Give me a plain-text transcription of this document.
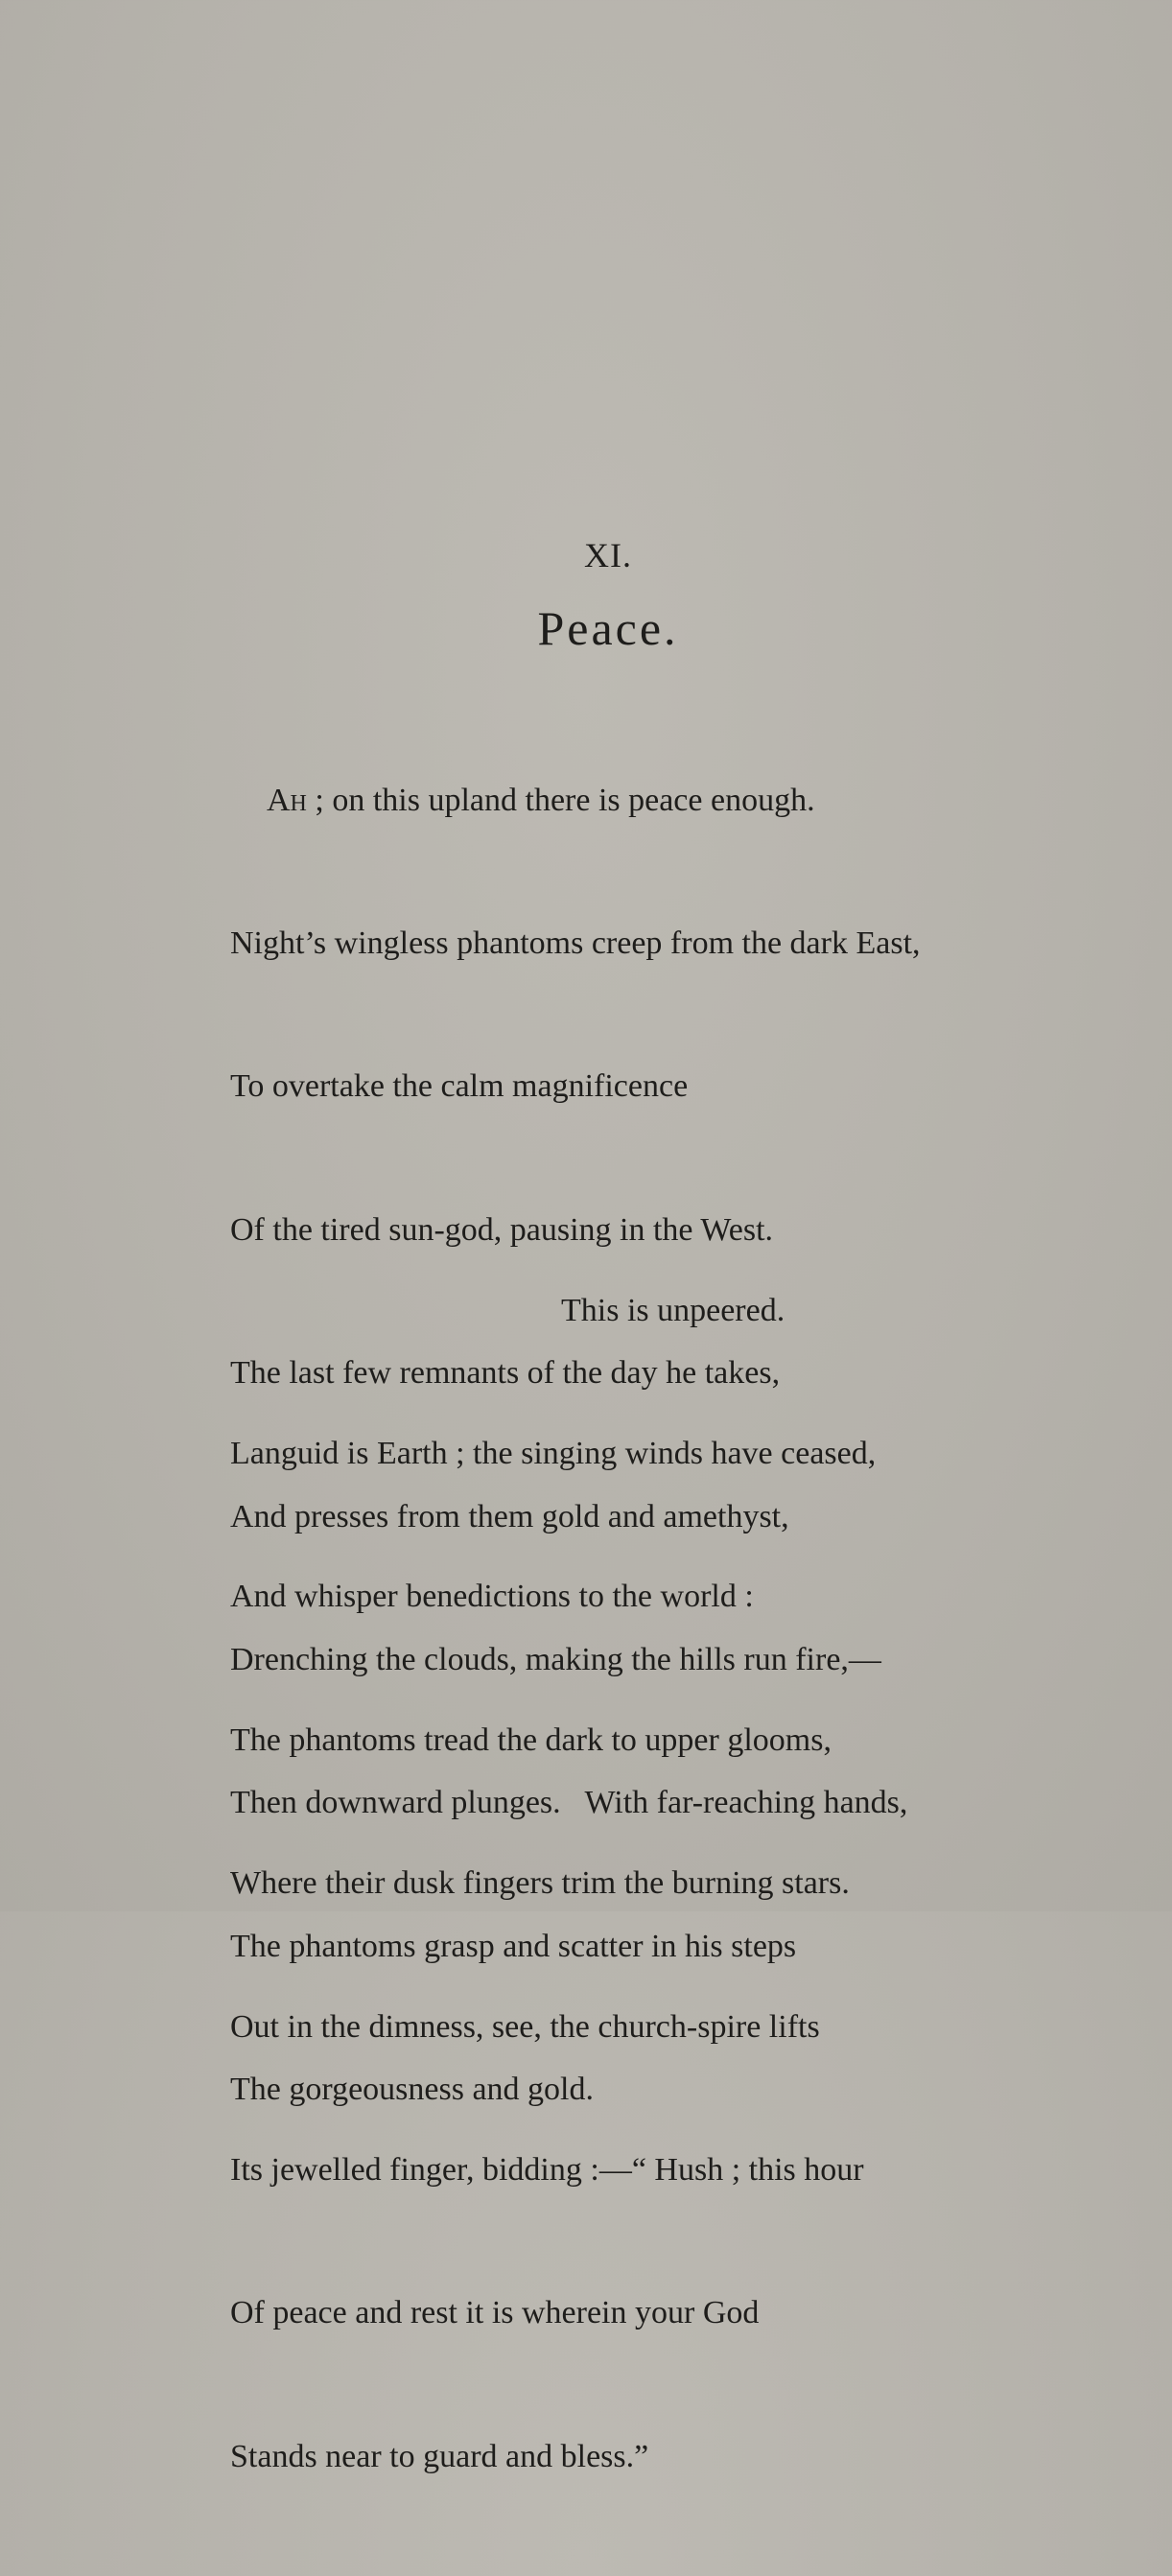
XI.
Peace.

Ah ; on this upland there is peace enough.

Night’s wingless phantoms creep from the dark East,

To overtake the calm magnificence

Of the tired sun-god, pausing in the West.

The last few remnants of the day he takes,

And presses from them gold and amethyst,

Drenching the clouds, making the hills run fire,—

Then downward plunges.   With far-reaching hands,

The phantoms grasp and scatter in his steps

The gorgeousness and gold.

This is unpeered.

Languid is Earth ; the singing winds have ceased,

And whisper benedictions to the world :

The phantoms tread the dark to upper glooms,

Where their dusk fingers trim the burning stars.

Out in the dimness, see, the church-spire lifts

Its jewelled finger, bidding :—“ Hush ; this hour

Of peace and rest it is wherein your God

Stands near to guard and bless.”
